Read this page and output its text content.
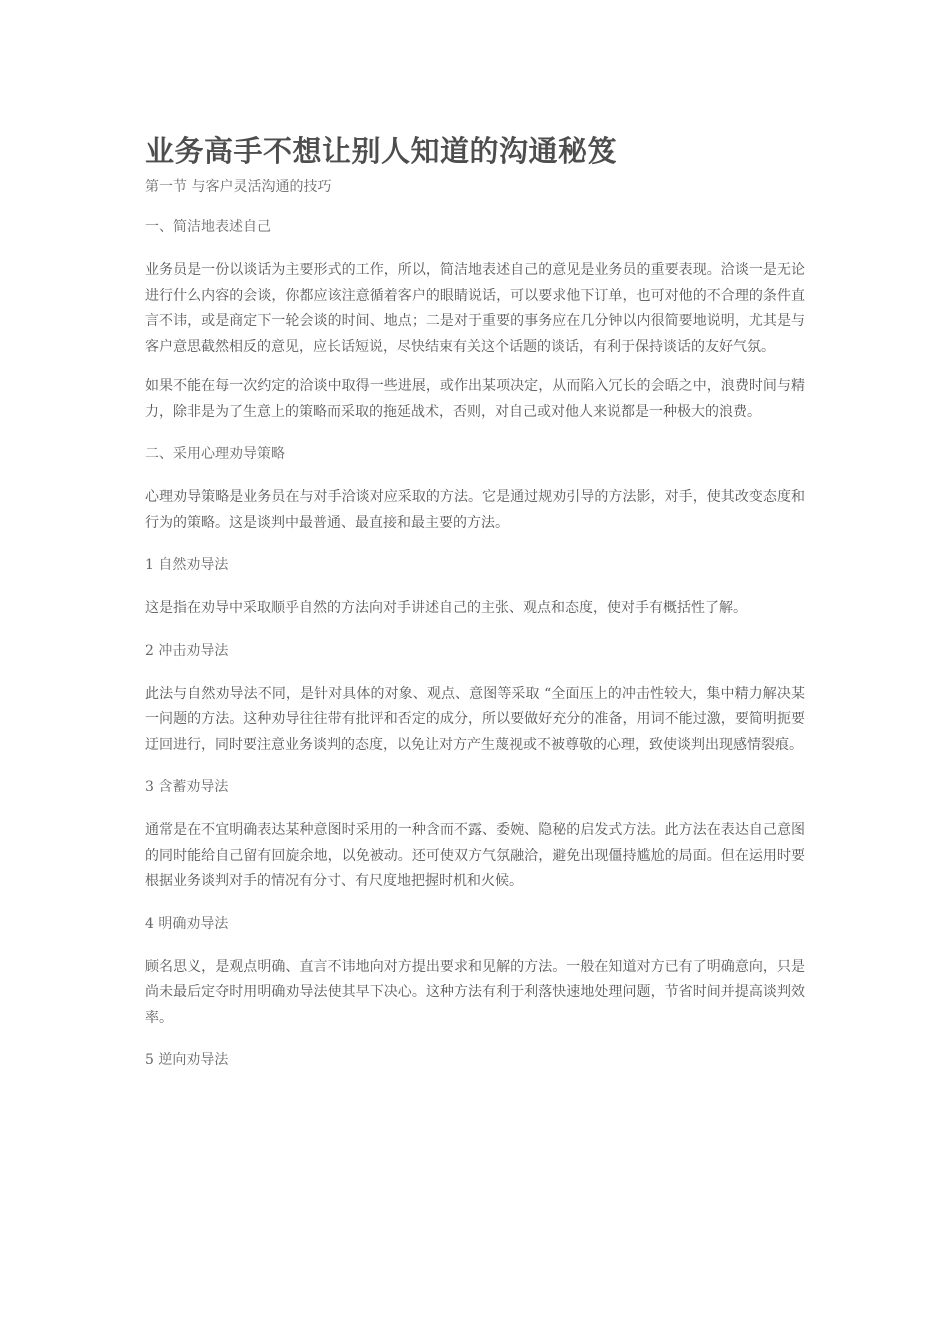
业务高手不想让别人知道的沟通秘笈
第一节 与客户灵活沟通的技巧
一、简洁地表述自己
业务员是一份以谈话为主要形式的工作，所以，简洁地表述自己的意见是业务员的重要表现。洽谈一是无论进行什么内容的会谈，你都应该注意循着客户的眼睛说话，可以要求他下订单，也可对他的不合理的条件直言不讳，或是商定下一轮会谈的时间、地点；二是对于重要的事务应在几分钟以内很简要地说明，尤其是与客户意思截然相反的意见，应长话短说，尽快结束有关这个话题的谈话，有利于保持谈话的友好气氛。
如果不能在每一次约定的洽谈中取得一些进展，或作出某项决定，从而陷入冗长的会晤之中，浪费时间与精力，除非是为了生意上的策略而采取的拖延战术，否则，对自己或对他人来说都是一种极大的浪费。
二、采用心理劝导策略
心理劝导策略是业务员在与对手洽谈对应采取的方法。它是通过规劝引导的方法影，对手，使其改变态度和行为的策略。这是谈判中最普通、最直接和最主要的方法。
1 自然劝导法
这是指在劝导中采取顺乎自然的方法向对手讲述自己的主张、观点和态度，使对手有概括性了解。
2 冲击劝导法
此法与自然劝导法不同，是针对具体的对象、观点、意图等采取 “全面压上的冲击性较大，集中精力解决某一问题的方法。这种劝导往往带有批评和否定的成分，所以要做好充分的准备，用词不能过激，要简明扼要迂回进行，同时要注意业务谈判的态度，以免让对方产生蔑视或不被尊敬的心理，致使谈判出现感情裂痕。
3 含蓄劝导法
通常是在不宜明确表达某种意图时采用的一种含而不露、委婉、隐秘的启发式方法。此方法在表达自己意图的同时能给自己留有回旋余地，以免被动。还可使双方气氛融洽，避免出现僵持尴尬的局面。但在运用时要根据业务谈判对手的情况有分寸、有尺度地把握时机和火候。
4 明确劝导法
顾名思义，是观点明确、直言不讳地向对方提出要求和见解的方法。一般在知道对方已有了明确意向，只是尚未最后定夺时用明确劝导法使其早下决心。这种方法有利于利落快速地处理问题，节省时间并提高谈判效率。
5 逆向劝导法
